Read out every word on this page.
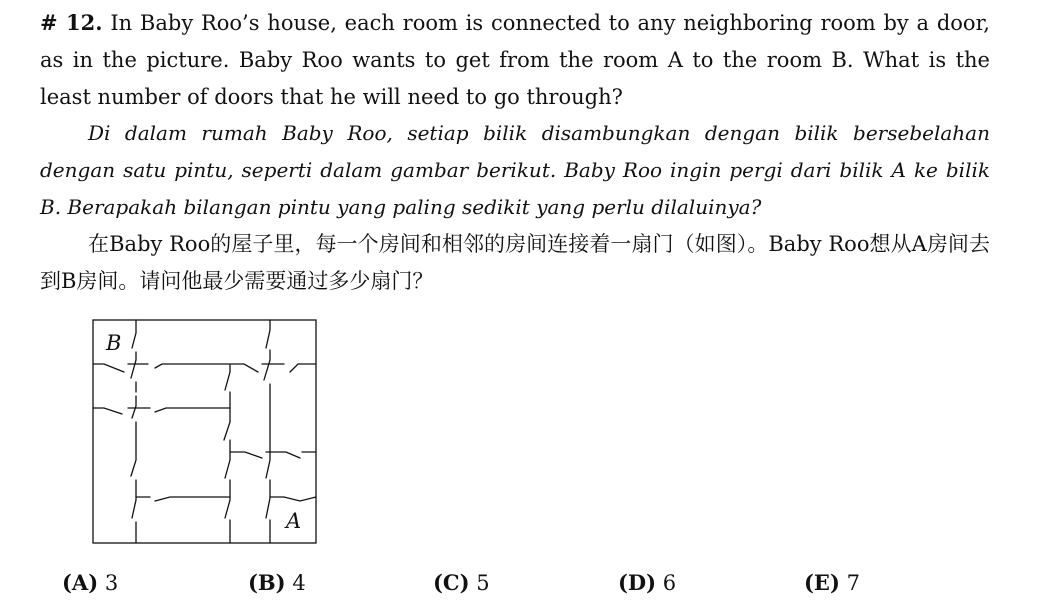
# 12. In Baby Roo’s house, each room is connected to any neighboring room by a door, as in the picture. Baby Roo wants to get from the room A to the room B. What is the least number of doors that he will need to go through?
Di dalam rumah Baby Roo, setiap bilik disambungkan dengan bilik bersebelahan dengan satu pintu, seperti dalam gambar berikut. Baby Roo ingin pergi dari bilik A ke bilik B. Berapakah bilangan pintu yang paling sedikit yang perlu dilaluinya?
在Baby Roo的屋子里，每一个房间和相邻的房间连接着一扇门（如图）。Baby Roo想从A房间去到B房间。请问他最少需要通过多少扇门？
B
A
(A) 3	(B) 4	(C) 5	(D) 6	(E) 7
